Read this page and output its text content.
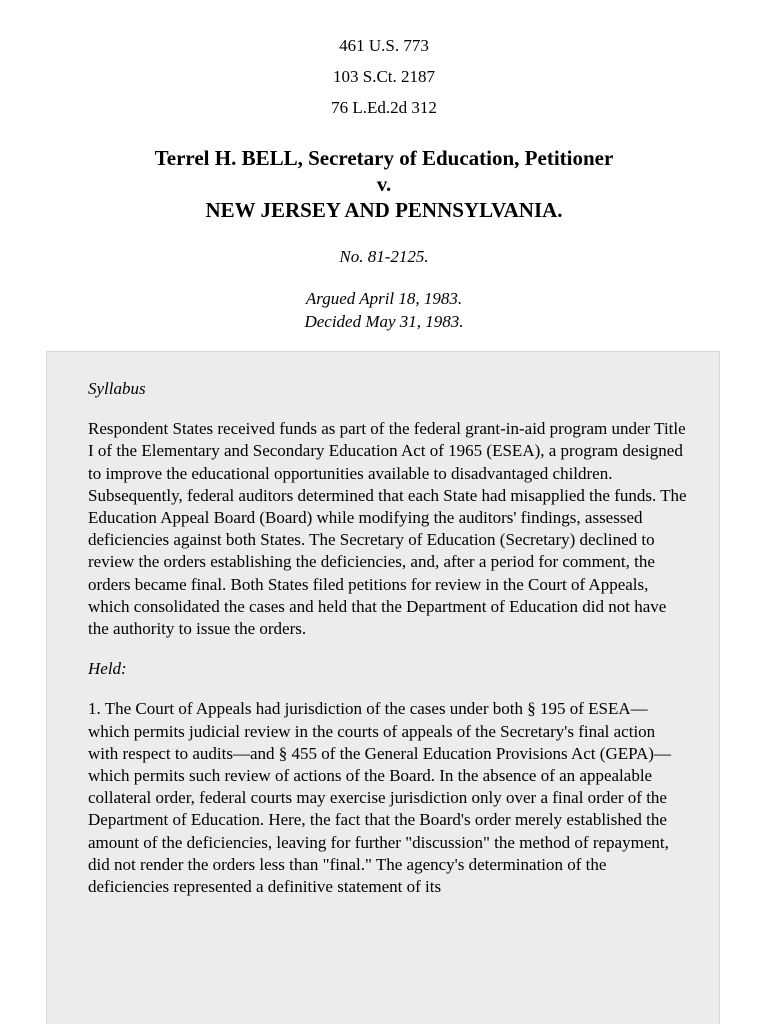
461 U.S. 773
103 S.Ct. 2187
76 L.Ed.2d 312
Terrel H. BELL, Secretary of Education, Petitioner
v.
NEW JERSEY AND PENNSYLVANIA.
No. 81-2125.
Argued April 18, 1983.
Decided May 31, 1983.

Syllabus

Respondent States received funds as part of the federal grant-in-aid program under Title I of the Elementary and Secondary Education Act of 1965 (ESEA), a program designed to improve the educational opportunities available to disadvantaged children. Subsequently, federal auditors determined that each State had misapplied the funds. The Education Appeal Board (Board) while modifying the auditors' findings, assessed deficiencies against both States. The Secretary of Education (Secretary) declined to review the orders establishing the deficiencies, and, after a period for comment, the orders became final. Both States filed petitions for review in the Court of Appeals, which consolidated the cases and held that the Department of Education did not have the authority to issue the orders.

Held:

1. The Court of Appeals had jurisdiction of the cases under both § 195 of ESEA—which permits judicial review in the courts of appeals of the Secretary's final action with respect to audits—and § 455 of the General Education Provisions Act (GEPA)—which permits such review of actions of the Board. In the absence of an appealable collateral order, federal courts may exercise jurisdiction only over a final order of the Department of Education. Here, the fact that the Board's order merely established the amount of the deficiencies, leaving for further "discussion" the method of repayment, did not render the orders less than "final." The agency's determination of the deficiencies represented a definitive statement of its
